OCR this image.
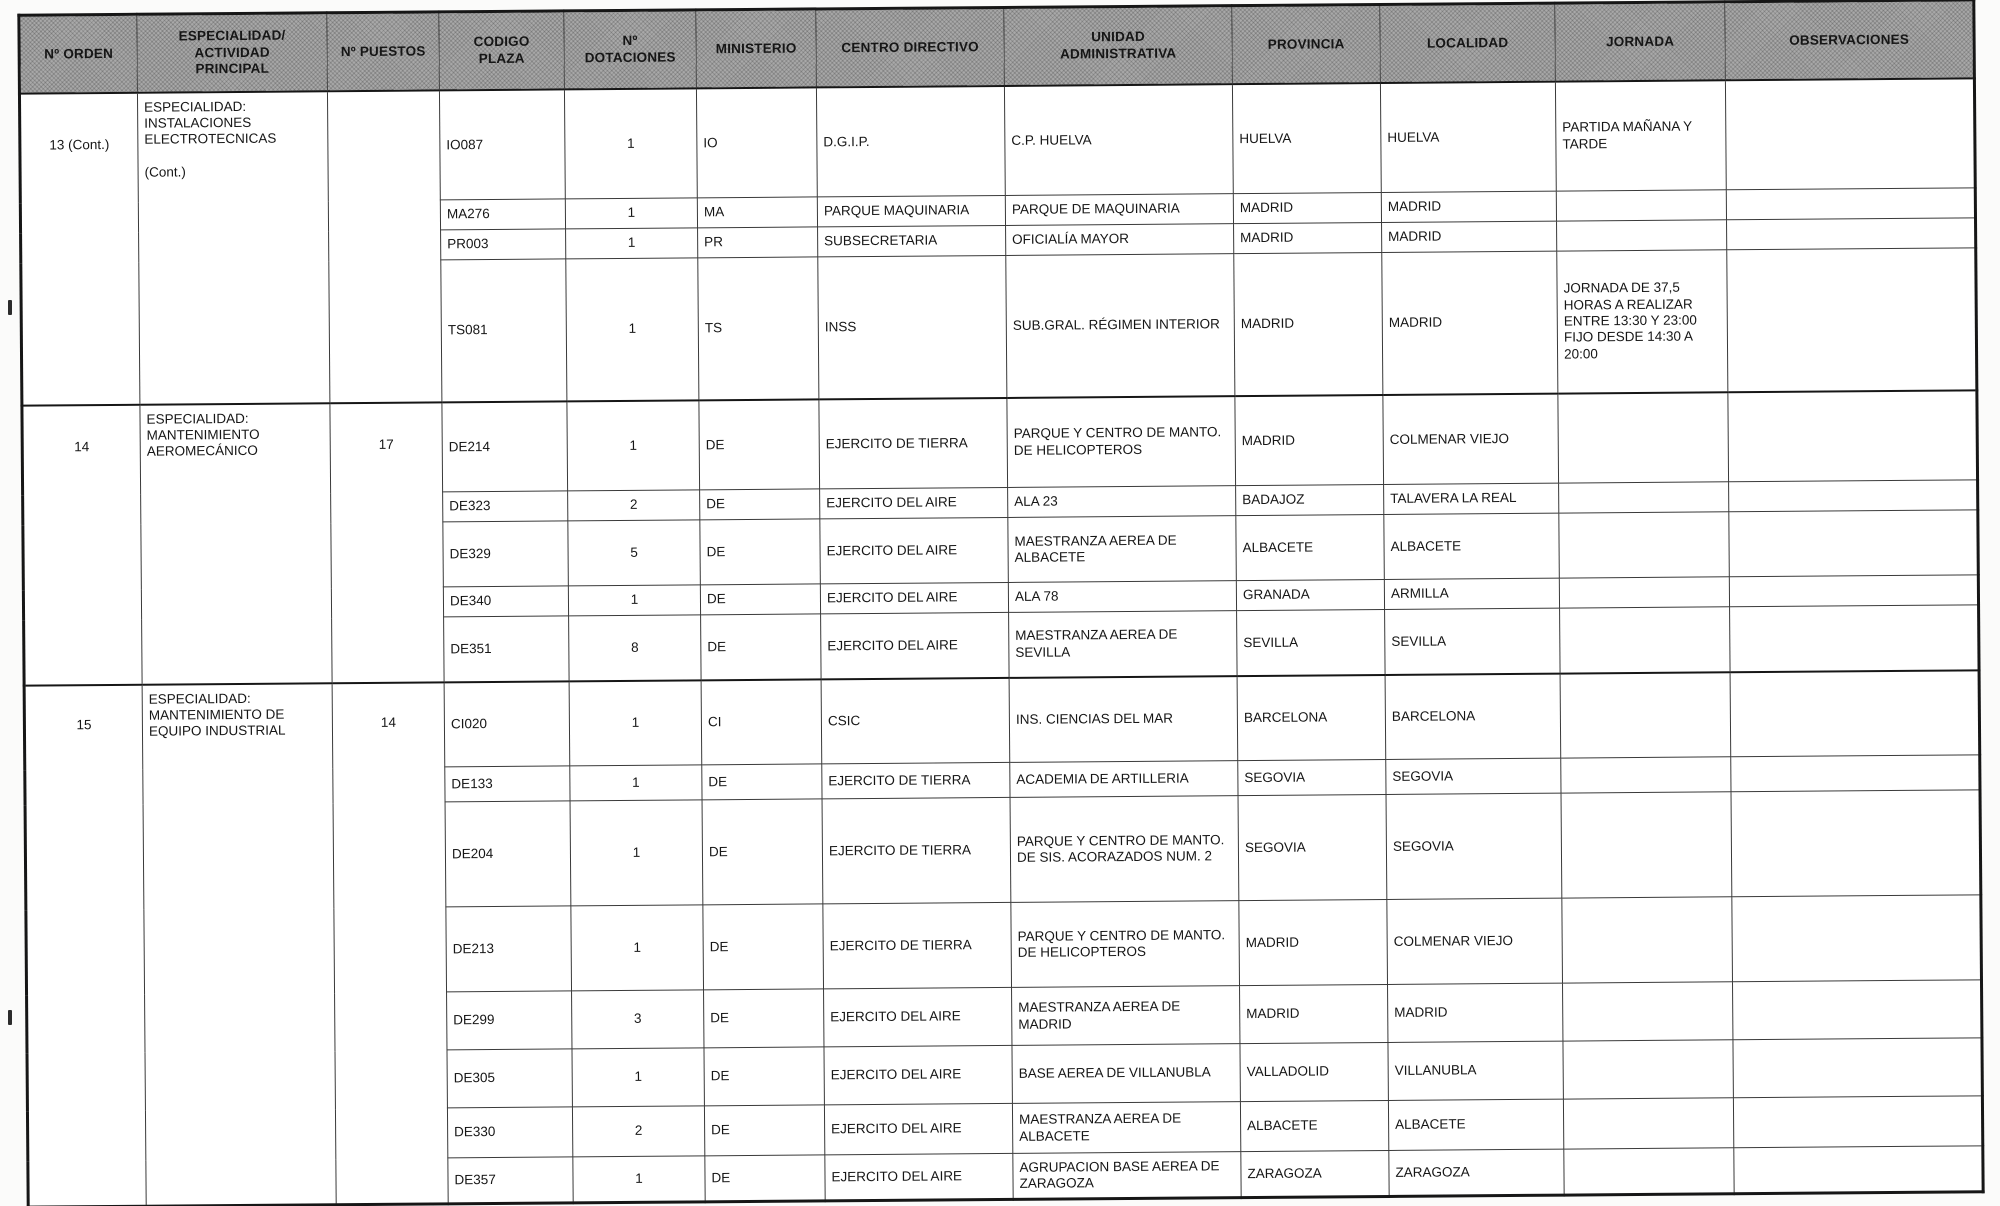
Nº ORDEN	ESPECIALIDAD/
ACTIVIDAD
PRINCIPAL	Nº PUESTOS	CODIGO
PLAZA	Nº
DOTACIONES	MINISTERIO	CENTRO DIRECTIVO	UNIDAD
ADMINISTRATIVA	PROVINCIA	LOCALIDAD	JORNADA	OBSERVACIONES
13 (Cont.)	ESPECIALIDAD:
INSTALACIONES
ELECTROTECNICAS

(Cont.)		IO087	1	IO	D.G.I.P.	C.P. HUELVA	HUELVA	HUELVA	PARTIDA MAÑANA Y TARDE	
			MA276	1	MA	PARQUE MAQUINARIA	PARQUE DE MAQUINARIA	MADRID	MADRID		
			PR003	1	PR	SUBSECRETARIA	OFICIALÍA MAYOR	MADRID	MADRID		
			TS081	1	TS	INSS	SUB.GRAL. RÉGIMEN INTERIOR	MADRID	MADRID	JORNADA DE 37,5 HORAS A REALIZAR ENTRE 13:30 Y 23:00 FIJO DESDE 14:30 A 20:00	
14	ESPECIALIDAD:
MANTENIMIENTO
AEROMECÁNICO	17	DE214	1	DE	EJERCITO DE TIERRA	PARQUE Y CENTRO DE MANTO. DE HELICOPTEROS	MADRID	COLMENAR VIEJO		
			DE323	2	DE	EJERCITO DEL AIRE	ALA 23	BADAJOZ	TALAVERA LA REAL		
			DE329	5	DE	EJERCITO DEL AIRE	MAESTRANZA AEREA DE ALBACETE	ALBACETE	ALBACETE		
			DE340	1	DE	EJERCITO DEL AIRE	ALA 78	GRANADA	ARMILLA		
			DE351	8	DE	EJERCITO DEL AIRE	MAESTRANZA AEREA DE SEVILLA	SEVILLA	SEVILLA		
15	ESPECIALIDAD:
MANTENIMIENTO DE
EQUIPO INDUSTRIAL	14	CI020	1	CI	CSIC	INS. CIENCIAS DEL MAR	BARCELONA	BARCELONA		
			DE133	1	DE	EJERCITO DE TIERRA	ACADEMIA DE ARTILLERIA	SEGOVIA	SEGOVIA		
			DE204	1	DE	EJERCITO DE TIERRA	PARQUE Y CENTRO DE MANTO. DE SIS. ACORAZADOS NUM. 2	SEGOVIA	SEGOVIA		
			DE213	1	DE	EJERCITO DE TIERRA	PARQUE Y CENTRO DE MANTO. DE HELICOPTEROS	MADRID	COLMENAR VIEJO		
			DE299	3	DE	EJERCITO DEL AIRE	MAESTRANZA AEREA DE MADRID	MADRID	MADRID		
			DE305	1	DE	EJERCITO DEL AIRE	BASE AEREA DE VILLANUBLA	VALLADOLID	VILLANUBLA		
			DE330	2	DE	EJERCITO DEL AIRE	MAESTRANZA AEREA DE ALBACETE	ALBACETE	ALBACETE		
			DE357	1	DE	EJERCITO DEL AIRE	AGRUPACION BASE AEREA DE ZARAGOZA	ZARAGOZA	ZARAGOZA		
